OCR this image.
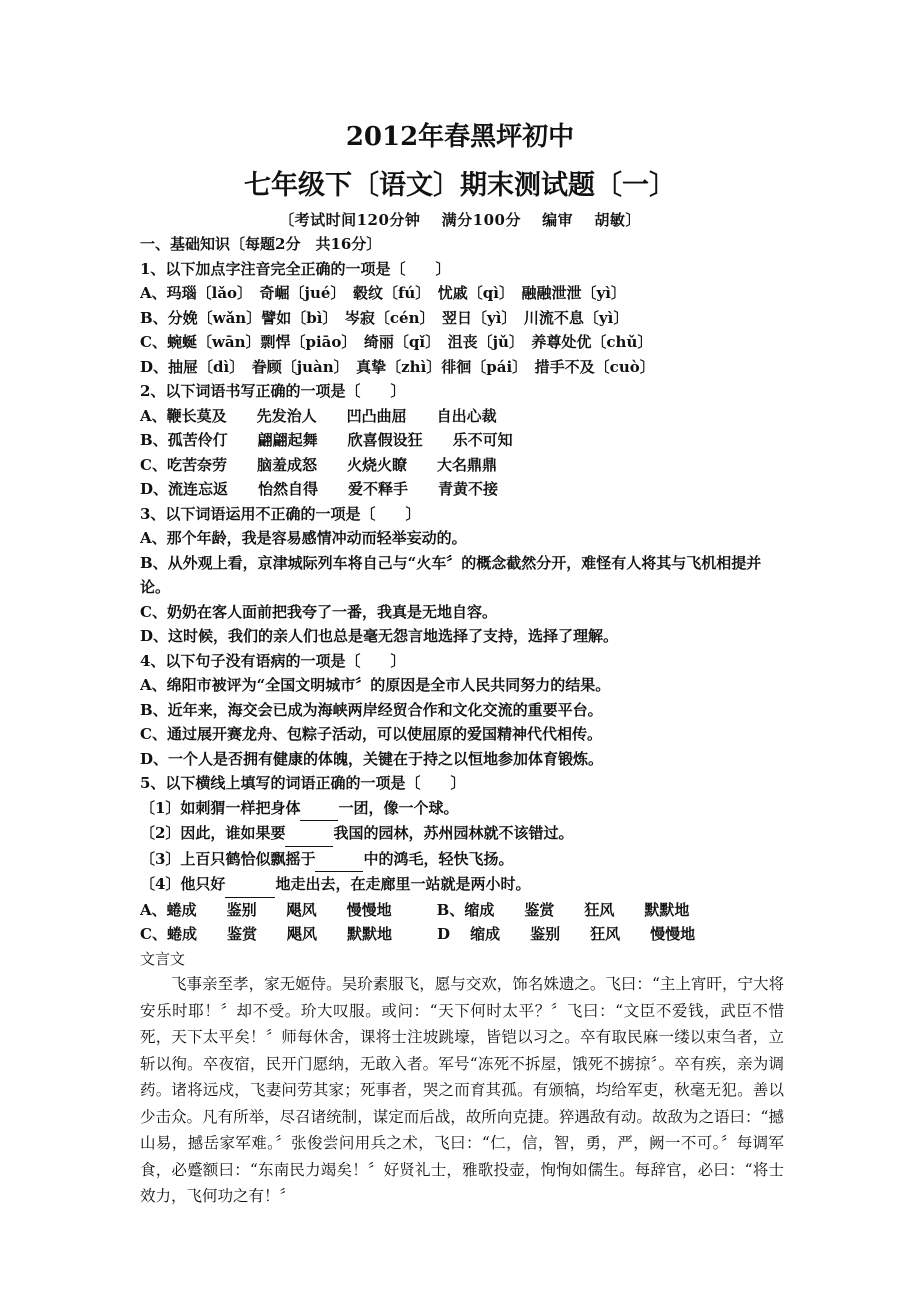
2012年春黑坪初中
七年级下〔语文〕期末测试题〔一〕
〔考试时间120分钟　 满分100分　 编审　 胡敏〕
一、基础知识〔每题2分　共16分〕
1、以下加点字注音完全正确的一项是〔　　〕
A、玛瑙〔lǎo〕　奇崛〔jué〕　毂纹〔fú〕　忧戚〔qì〕　融融泄泄〔yì〕
B、分娩〔wǎn〕譬如〔bì〕　岑寂〔cén〕　翌日〔yì〕　川流不息〔yì〕
C、蜿蜒〔wān〕剽悍〔piāo〕　绮丽〔qǐ〕　沮丧〔jǔ〕　养尊处优〔chǔ〕
D、抽屉〔dì〕　眷顾〔juàn〕　真挚〔zhì〕徘徊〔pái〕　措手不及〔cuò〕
2、以下词语书写正确的一项是〔　　〕
A、鞭长莫及　　先发治人　　凹凸曲屈　　自出心裁
B、孤苦伶仃　　翩翩起舞　　欣喜假设狂　　乐不可知
C、吃苦奈劳　　脑羞成怒　　火烧火瞭　　大名鼎鼎
D、流连忘返　　怡然自得　　爱不释手　　青黄不接
3、以下词语运用不正确的一项是〔　　〕
A、那个年龄，我是容易感情冲动而轻举妄动的。
B、从外观上看，京津城际列车将自己与“火车〞的概念截然分开，难怪有人将其与飞机相提并论。
C、奶奶在客人面前把我夸了一番，我真是无地自容。
D、这时候，我们的亲人们也总是毫无怨言地选择了支持，选择了理解。
4、以下句子没有语病的一项是〔　　〕
A、绵阳市被评为“全国文明城市〞的原因是全市人民共同努力的结果。
B、近年来，海交会已成为海峡两岸经贸合作和文化交流的重要平台。
C、通过展开赛龙舟、包粽子活动，可以使屈原的爱国精神代代相传。
D、一个人是否拥有健康的体魄，关键在于持之以恒地参加体育锻炼。
5、以下横线上填写的词语正确的一项是〔　　〕
〔1〕如刺猬一样把身体	一团，像一个球。
〔2〕因此，谁如果要	我国的园林，苏州园林就不该错过。
〔3〕上百只鹤恰似飘摇于	中的鸿毛，轻快飞扬。
〔4〕他只好	地走出去，在走廊里一站就是两小时。
A、蜷成　　鉴别　　飓风　　慢慢地　　　B、缩成　　鉴赏　　狂风　　默默地
C、蜷成　　鉴赏　　飓风　　默默地　　　D　 缩成　　鉴别　　狂风　　慢慢地
文言文

飞事亲至孝，家无姬侍。吴玠素服飞，愿与交欢，饰名姝遗之。飞曰：“主上宵旰，宁大将安乐时耶！〞却不受。玠大叹服。或问：“天下何时太平？〞飞曰：“文臣不爱钱，武臣不惜死，天下太平矣！〞师每休舍，课将士注坡跳壕，皆铠以习之。卒有取民麻一缕以束刍者，立斩以徇。卒夜宿，民开门愿纳，无敢入者。军号“冻死不拆屋，饿死不掳掠〞。卒有疾，亲为调药。诸将远戍，飞妻问劳其家；死事者，哭之而育其孤。有颁犒，均给军吏，秋毫无犯。善以少击众。凡有所举，尽召诸统制，谋定而后战，故所向克捷。猝遇敌有动。故敌为之语曰：“撼山易，撼岳家军难。〞张俊尝问用兵之术，飞曰：“仁，信，智，勇，严，阙一不可。〞每调军食，必蹙额曰：“东南民力竭矣！〞好贤礼士，雅歌投壶，恂恂如儒生。每辞官，必曰：“将士效力，飞何功之有！〞
